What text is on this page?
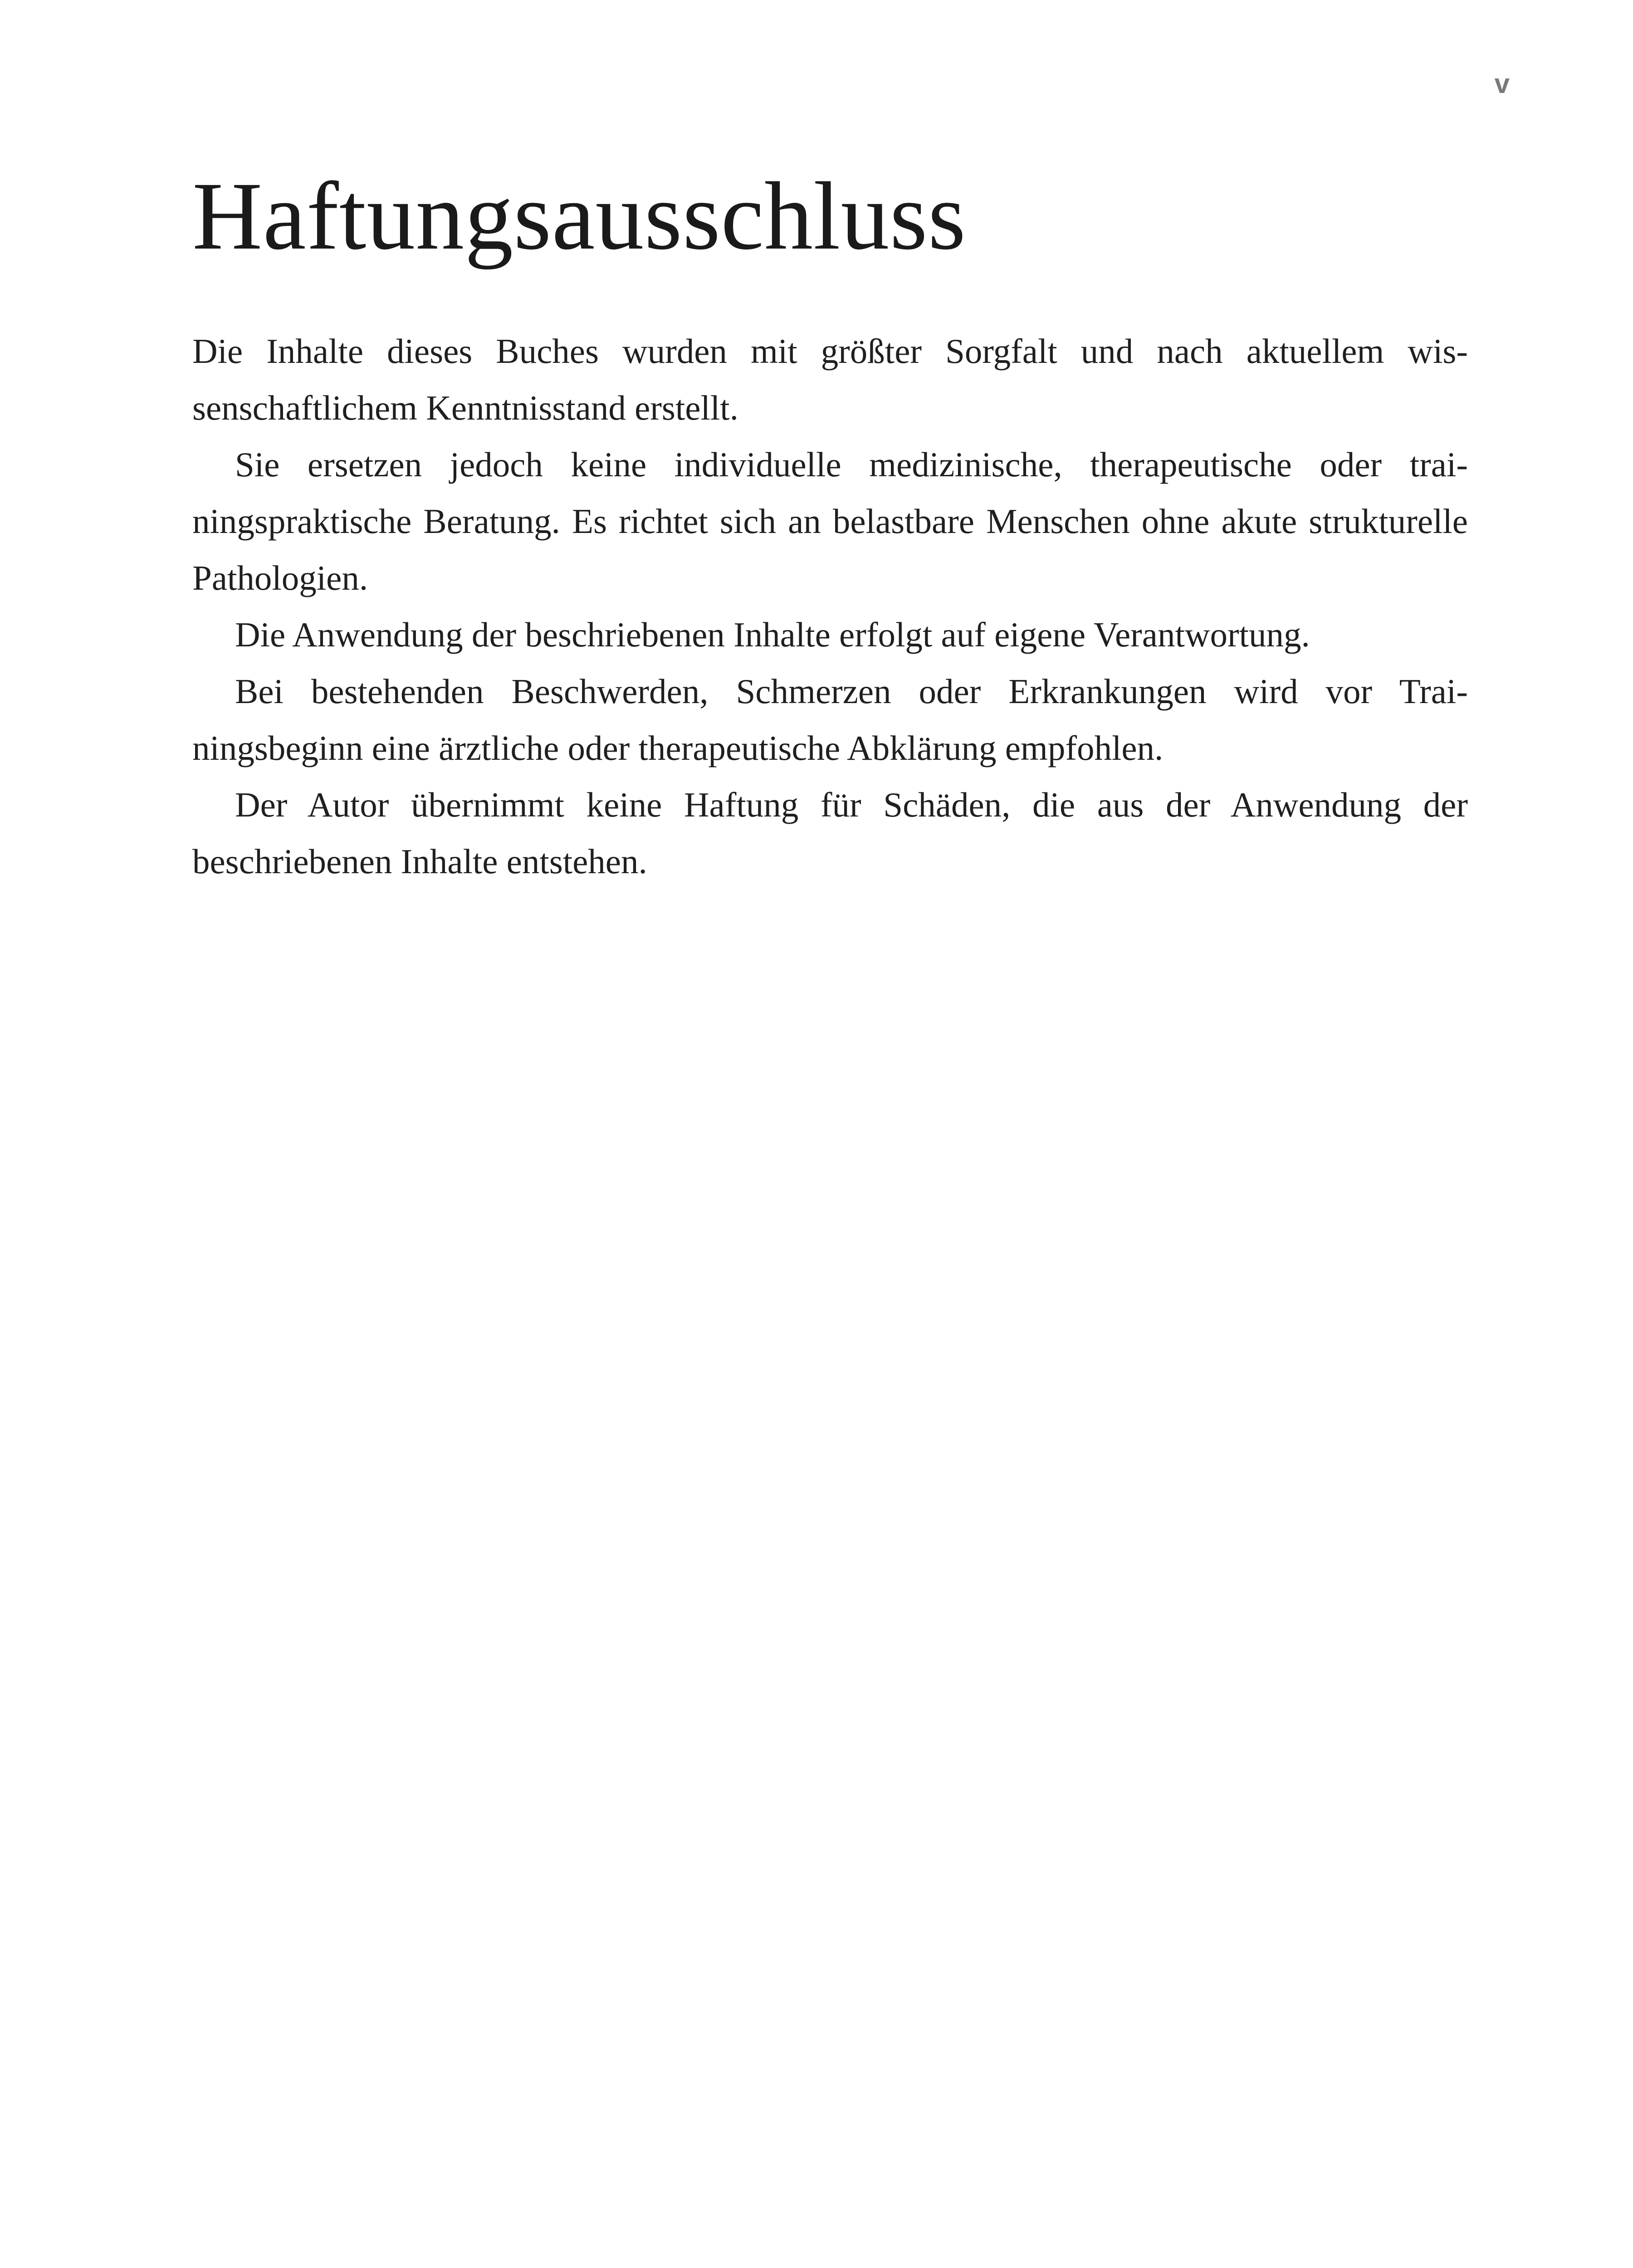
v
Haftungsausschluss

Die Inhalte dieses Buches wurden mit größter Sorgfalt und nach aktuellem wissenschaftlichem Kenntnisstand erstellt.

Sie ersetzen jedoch keine individuelle medizinische, therapeutische oder trainingspraktische Beratung. Es richtet sich an belastbare Menschen ohne akute strukturelle Pathologien.

Die Anwendung der beschriebenen Inhalte erfolgt auf eigene Verantwortung.

Bei bestehenden Beschwerden, Schmerzen oder Erkrankungen wird vor Trainingsbeginn eine ärztliche oder therapeutische Abklärung empfohlen.

Der Autor übernimmt keine Haftung für Schäden, die aus der Anwendung der beschriebenen Inhalte entstehen.
